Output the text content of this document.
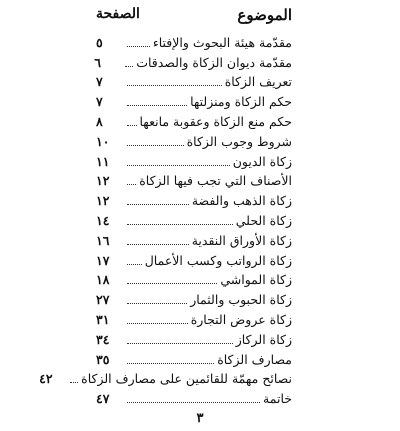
الموضوع
الصفحة
مقدّمة هيئة البحوث والإفتاء
٥
مقدّمة ديوان الزكاة والصدقات
٦
تعريف الزكاة
٧
حكم الزكاة ومنزلتها
٧
حكم منع الزكاة وعقوبة مانعها
٨
شروط وجوب الزكاة
١٠
زكاة الديون
١١
الأصناف التي تجب فيها الزكاة
١٢
زكاة الذهب والفضة
١٢
زكاة الحلي
١٤
زكاة الأوراق النقدية
١٦
زكاة الرواتب وكسب الأعمال
١٧
زكاة المواشي
١٨
زكاة الحبوب والثمار
٢٧
زكاة عروض التجارة
٣١
زكاة الركاز
٣٤
مصارف الزكاة
٣٥
نصائح مهمّة للقائمين على مصارف الزكاة
٤٢
خاتمة
٤٧
٣
